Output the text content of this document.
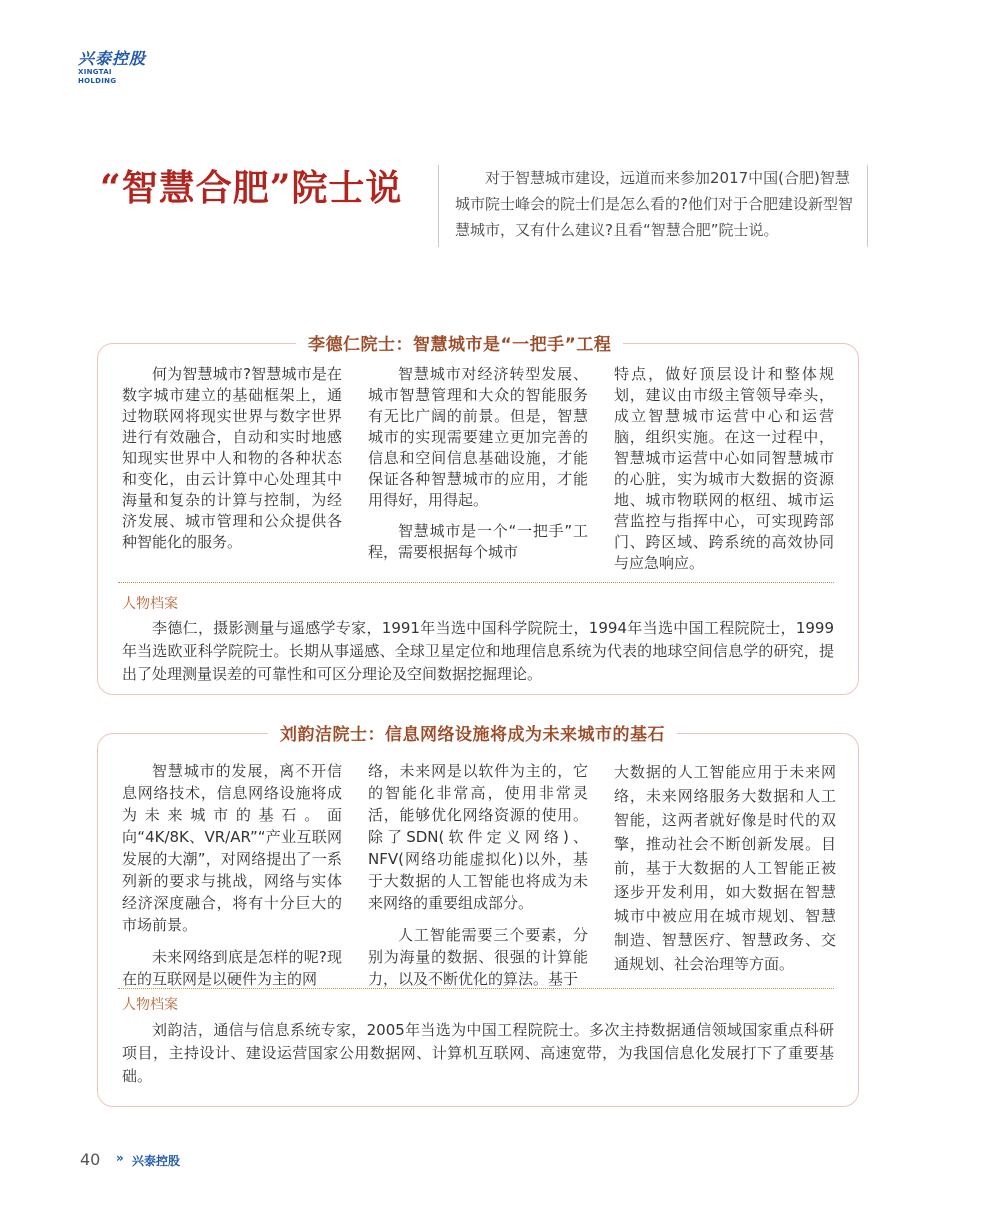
兴泰控股
XINGTAI HOLDING
“智慧合肥”院士说	对于智慧城市建设，远道而来参加2017中国(合肥)智慧城市院士峰会的院士们是怎么看的?他们对于合肥建设新型智慧城市，又有什么建议?且看“智慧合肥”院士说。
李德仁院士：智慧城市是“一把手”工程

何为智慧城市?智慧城市是在数字城市建立的基础框架上，通过物联网将现实世界与数字世界进行有效融合，自动和实时地感知现实世界中人和物的各种状态和变化，由云计算中心处理其中海量和复杂的计算与控制，为经济发展、城市管理和公众提供各种智能化的服务。

智慧城市对经济转型发展、城市智慧管理和大众的智能服务有无比广阔的前景。但是，智慧城市的实现需要建立更加完善的信息和空间信息基础设施，才能保证各种智慧城市的应用，才能用得好，用得起。

智慧城市是一个“一把手”工程，需要根据每个城市

特点，做好顶层设计和整体规划，建议由市级主管领导牵头，成立智慧城市运营中心和运营脑，组织实施。在这一过程中，智慧城市运营中心如同智慧城市的心脏，实为城市大数据的资源地、城市物联网的枢纽、城市运营监控与指挥中心，可实现跨部门、跨区域、跨系统的高效协同与应急响应。

人物档案
李德仁，摄影测量与遥感学专家，1991年当选中国科学院院士，1994年当选中国工程院院士，1999年当选欧亚科学院院士。长期从事遥感、全球卫星定位和地理信息系统为代表的地球空间信息学的研究，提出了处理测量误差的可靠性和可区分理论及空间数据挖掘理论。
刘韵洁院士：信息网络设施将成为未来城市的基石

智慧城市的发展，离不开信息网络技术，信息网络设施将成为未来城市的基石。面向“4K/8K、VR/AR”“产业互联网发展的大潮”，对网络提出了一系列新的要求与挑战，网络与实体经济深度融合，将有十分巨大的市场前景。

未来网络到底是怎样的呢?现在的互联网是以硬件为主的网

络，未来网是以软件为主的，它的智能化非常高，使用非常灵活，能够优化网络资源的使用。除了SDN(软件定义网络)、NFV(网络功能虚拟化)以外，基于大数据的人工智能也将成为未来网络的重要组成部分。

人工智能需要三个要素，分别为海量的数据、很强的计算能力，以及不断优化的算法。基于

大数据的人工智能应用于未来网络，未来网络服务大数据和人工智能，这两者就好像是时代的双擎，推动社会不断创新发展。目前，基于大数据的人工智能正被逐步开发利用，如大数据在智慧城市中被应用在城市规划、智慧制造、智慧医疗、智慧政务、交通规划、社会治理等方面。

人物档案
刘韵洁，通信与信息系统专家，2005年当选为中国工程院院士。多次主持数据通信领域国家重点科研项目，主持设计、建设运营国家公用数据网、计算机互联网、高速宽带，为我国信息化发展打下了重要基础。
40 » 兴泰控股
